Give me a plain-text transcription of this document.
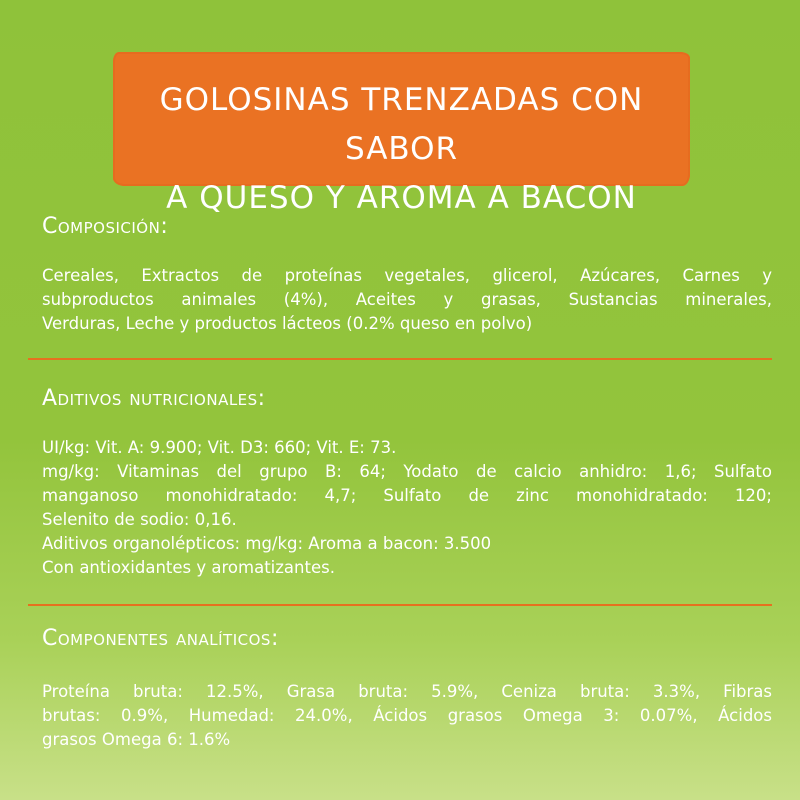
GOLOSINAS TRENZADAS CON SABOR
A QUESO Y AROMA A BACON
Composición:

Cereales, Extractos de proteínas vegetales, glicerol, Azúcares, Carnes y

subproductos animales (4%), Aceites y grasas, Sustancias minerales,

Verduras, Leche y productos lácteos (0.2% queso en polvo)

Aditivos nutricionales:

UI/kg: Vit. A: 9.900; Vit. D3: 660; Vit. E: 73.

mg/kg: Vitaminas del grupo B: 64; Yodato de calcio anhidro: 1,6; Sulfato

manganoso monohidratado: 4,7; Sulfato de zinc monohidratado: 120;

Selenito de sodio: 0,16.

Aditivos organolépticos: mg/kg: Aroma a bacon: 3.500

Con antioxidantes y aromatizantes.

Componentes analíticos:

Proteína bruta: 12.5%, Grasa bruta: 5.9%, Ceniza bruta: 3.3%, Fibras

brutas: 0.9%, Humedad: 24.0%, Ácidos grasos Omega 3: 0.07%, Ácidos

grasos Omega 6: 1.6%
